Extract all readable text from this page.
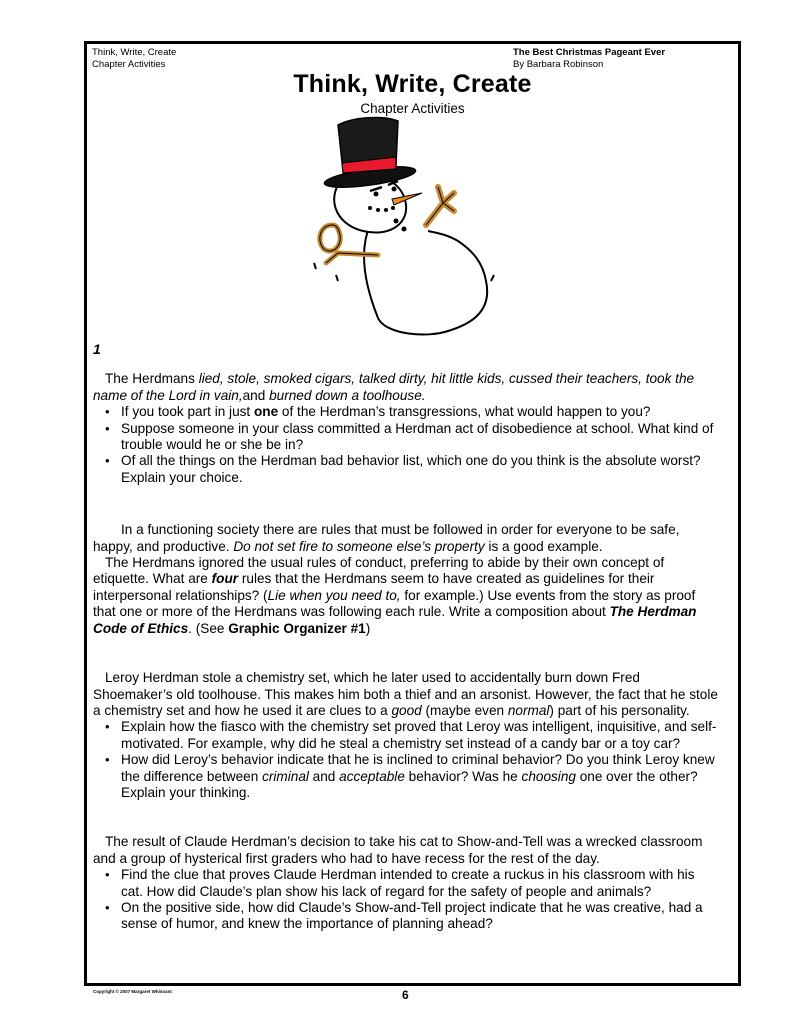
Think, Write, Create
Chapter Activities
The Best Christmas Pageant Ever
By Barbara Robinson
Think, Write, Create
Chapter Activities
1

The Herdmans lied, stole, smoked cigars, talked dirty, hit little kids, cussed their teachers, took the name of the Lord in vain,and burned down a toolhouse.

• If you took part in just one of the Herdman’s transgressions, what would happen to you?
• Suppose someone in your class committed a Herdman act of disobedience at school. What kind of trouble would he or she be in?
• Of all the things on the Herdman bad behavior list, which one do you think is the absolute worst? Explain your choice.

In a functioning society there are rules that must be followed in order for everyone to be safe, happy, and productive. Do not set fire to someone else’s property is a good example.

The Herdmans ignored the usual rules of conduct, preferring to abide by their own concept of etiquette. What are four rules that the Herdmans seem to have created as guidelines for their interpersonal relationships? (Lie when you need to, for example.) Use events from the story as proof that one or more of the Herdmans was following each rule. Write a composition about The Herdman Code of Ethics. (See Graphic Organizer #1)

Leroy Herdman stole a chemistry set, which he later used to accidentally burn down Fred Shoemaker’s old toolhouse. This makes him both a thief and an arsonist. However, the fact that he stole a chemistry set and how he used it are clues to a good (maybe even normal) part of his personality.

• Explain how the fiasco with the chemistry set proved that Leroy was intelligent, inquisitive, and self-motivated. For example, why did he steal a chemistry set instead of a candy bar or a toy car?
• How did Leroy’s behavior indicate that he is inclined to criminal behavior? Do you think Leroy knew the difference between criminal and acceptable behavior? Was he choosing one over the other? Explain your thinking.

The result of Claude Herdman’s decision to take his cat to Show-and-Tell was a wrecked classroom and a group of hysterical first graders who had to have recess for the rest of the day.

• Find the clue that proves Claude Herdman intended to create a ruckus in his classroom with his cat. How did Claude’s plan show his lack of regard for the safety of people and animals?
• On the positive side, how did Claude’s Show-and-Tell project indicate that he was creative, had a sense of humor, and knew the importance of planning ahead?
Copyright © 2007 Margaret Whisnant	6
